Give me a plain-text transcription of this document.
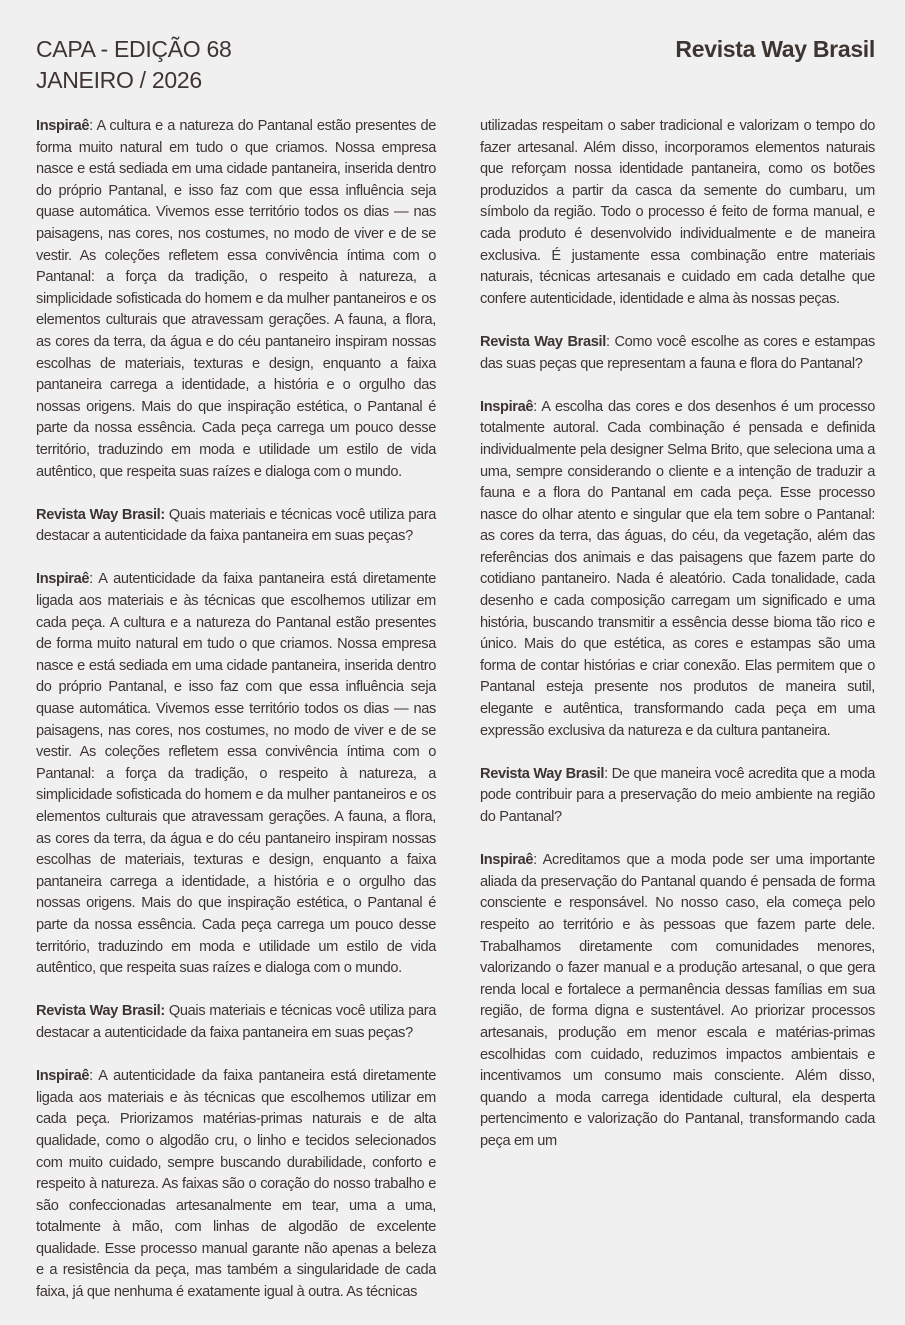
CAPA - EDIÇÃO 68
JANEIRO / 2026
Revista Way Brasil

Inspiraê: A cultura e a natureza do Pantanal estão presentes de forma muito natural em tudo o que criamos. Nossa empresa nasce e está sediada em uma cidade pantaneira, inserida dentro do próprio Pantanal, e isso faz com que essa influência seja quase automática. Vivemos esse território todos os dias — nas paisagens, nas cores, nos costumes, no modo de viver e de se vestir. As coleções refletem essa convivência íntima com o Pantanal: a força da tradição, o respeito à natureza, a simplicidade sofisticada do homem e da mulher pantaneiros e os elementos culturais que atravessam gerações. A fauna, a flora, as cores da terra, da água e do céu pantaneiro inspiram nossas escolhas de materiais, texturas e design, enquanto a faixa pantaneira carrega a identidade, a história e o orgulho das nossas origens. Mais do que inspiração estética, o Pantanal é parte da nossa essência. Cada peça carrega um pouco desse território, traduzindo em moda e utilidade um estilo de vida autêntico, que respeita suas raízes e dialoga com o mundo.

Revista Way Brasil: Quais materiais e técnicas você utiliza para destacar a autenticidade da faixa pantaneira em suas peças?

Inspiraê: A autenticidade da faixa pantaneira está diretamente ligada aos materiais e às técnicas que escolhemos utilizar em cada peça. A cultura e a natureza do Pantanal estão presentes de forma muito natural em tudo o que criamos. Nossa empresa nasce e está sediada em uma cidade pantaneira, inserida dentro do próprio Pantanal, e isso faz com que essa influência seja quase automática. Vivemos esse território todos os dias — nas paisagens, nas cores, nos costumes, no modo de viver e de se vestir. As coleções refletem essa convivência íntima com o Pantanal: a força da tradição, o respeito à natureza, a simplicidade sofisticada do homem e da mulher pantaneiros e os elementos culturais que atravessam gerações. A fauna, a flora, as cores da terra, da água e do céu pantaneiro inspiram nossas escolhas de materiais, texturas e design, enquanto a faixa pantaneira carrega a identidade, a história e o orgulho das nossas origens. Mais do que inspiração estética, o Pantanal é parte da nossa essência. Cada peça carrega um pouco desse território, traduzindo em moda e utilidade um estilo de vida autêntico, que respeita suas raízes e dialoga com o mundo.

Revista Way Brasil: Quais materiais e técnicas você utiliza para destacar a autenticidade da faixa pantaneira em suas peças?

Inspiraê: A autenticidade da faixa pantaneira está diretamente ligada aos materiais e às técnicas que escolhemos utilizar em cada peça. Priorizamos matérias-primas naturais e de alta qualidade, como o algodão cru, o linho e tecidos selecionados com muito cuidado, sempre buscando durabilidade, conforto e respeito à natureza. As faixas são o coração do nosso trabalho e são confeccionadas artesanalmente em tear, uma a uma, totalmente à mão, com linhas de algodão de excelente qualidade. Esse processo manual garante não apenas a beleza e a resistência da peça, mas também a singularidade de cada faixa, já que nenhuma é exatamente igual à outra. As técnicas

utilizadas respeitam o saber tradicional e valorizam o tempo do fazer artesanal. Além disso, incorporamos elementos naturais que reforçam nossa identidade pantaneira, como os botões produzidos a partir da casca da semente do cumbaru, um símbolo da região. Todo o processo é feito de forma manual, e cada produto é desenvolvido individualmente e de maneira exclusiva. É justamente essa combinação entre materiais naturais, técnicas artesanais e cuidado em cada detalhe que confere autenticidade, identidade e alma às nossas peças.

Revista Way Brasil: Como você escolhe as cores e estampas das suas peças que representam a fauna e flora do Pantanal?

Inspiraê: A escolha das cores e dos desenhos é um processo totalmente autoral. Cada combinação é pensada e definida individualmente pela designer Selma Brito, que seleciona uma a uma, sempre considerando o cliente e a intenção de traduzir a fauna e a flora do Pantanal em cada peça. Esse processo nasce do olhar atento e singular que ela tem sobre o Pantanal: as cores da terra, das águas, do céu, da vegetação, além das referências dos animais e das paisagens que fazem parte do cotidiano pantaneiro. Nada é aleatório. Cada tonalidade, cada desenho e cada composição carregam um significado e uma história, buscando transmitir a essência desse bioma tão rico e único. Mais do que estética, as cores e estampas são uma forma de contar histórias e criar conexão. Elas permitem que o Pantanal esteja presente nos produtos de maneira sutil, elegante e autêntica, transformando cada peça em uma expressão exclusiva da natureza e da cultura pantaneira.

Revista Way Brasil: De que maneira você acredita que a moda pode contribuir para a preservação do meio ambiente na região do Pantanal?

Inspiraê: Acreditamos que a moda pode ser uma importante aliada da preservação do Pantanal quando é pensada de forma consciente e responsável. No nosso caso, ela começa pelo respeito ao território e às pessoas que fazem parte dele. Trabalhamos diretamente com comunidades menores, valorizando o fazer manual e a produção artesanal, o que gera renda local e fortalece a permanência dessas famílias em sua região, de forma digna e sustentável. Ao priorizar processos artesanais, produção em menor escala e matérias-primas escolhidas com cuidado, reduzimos impactos ambientais e incentivamos um consumo mais consciente. Além disso, quando a moda carrega identidade cultural, ela desperta pertencimento e valorização do Pantanal, transformando cada peça em um
